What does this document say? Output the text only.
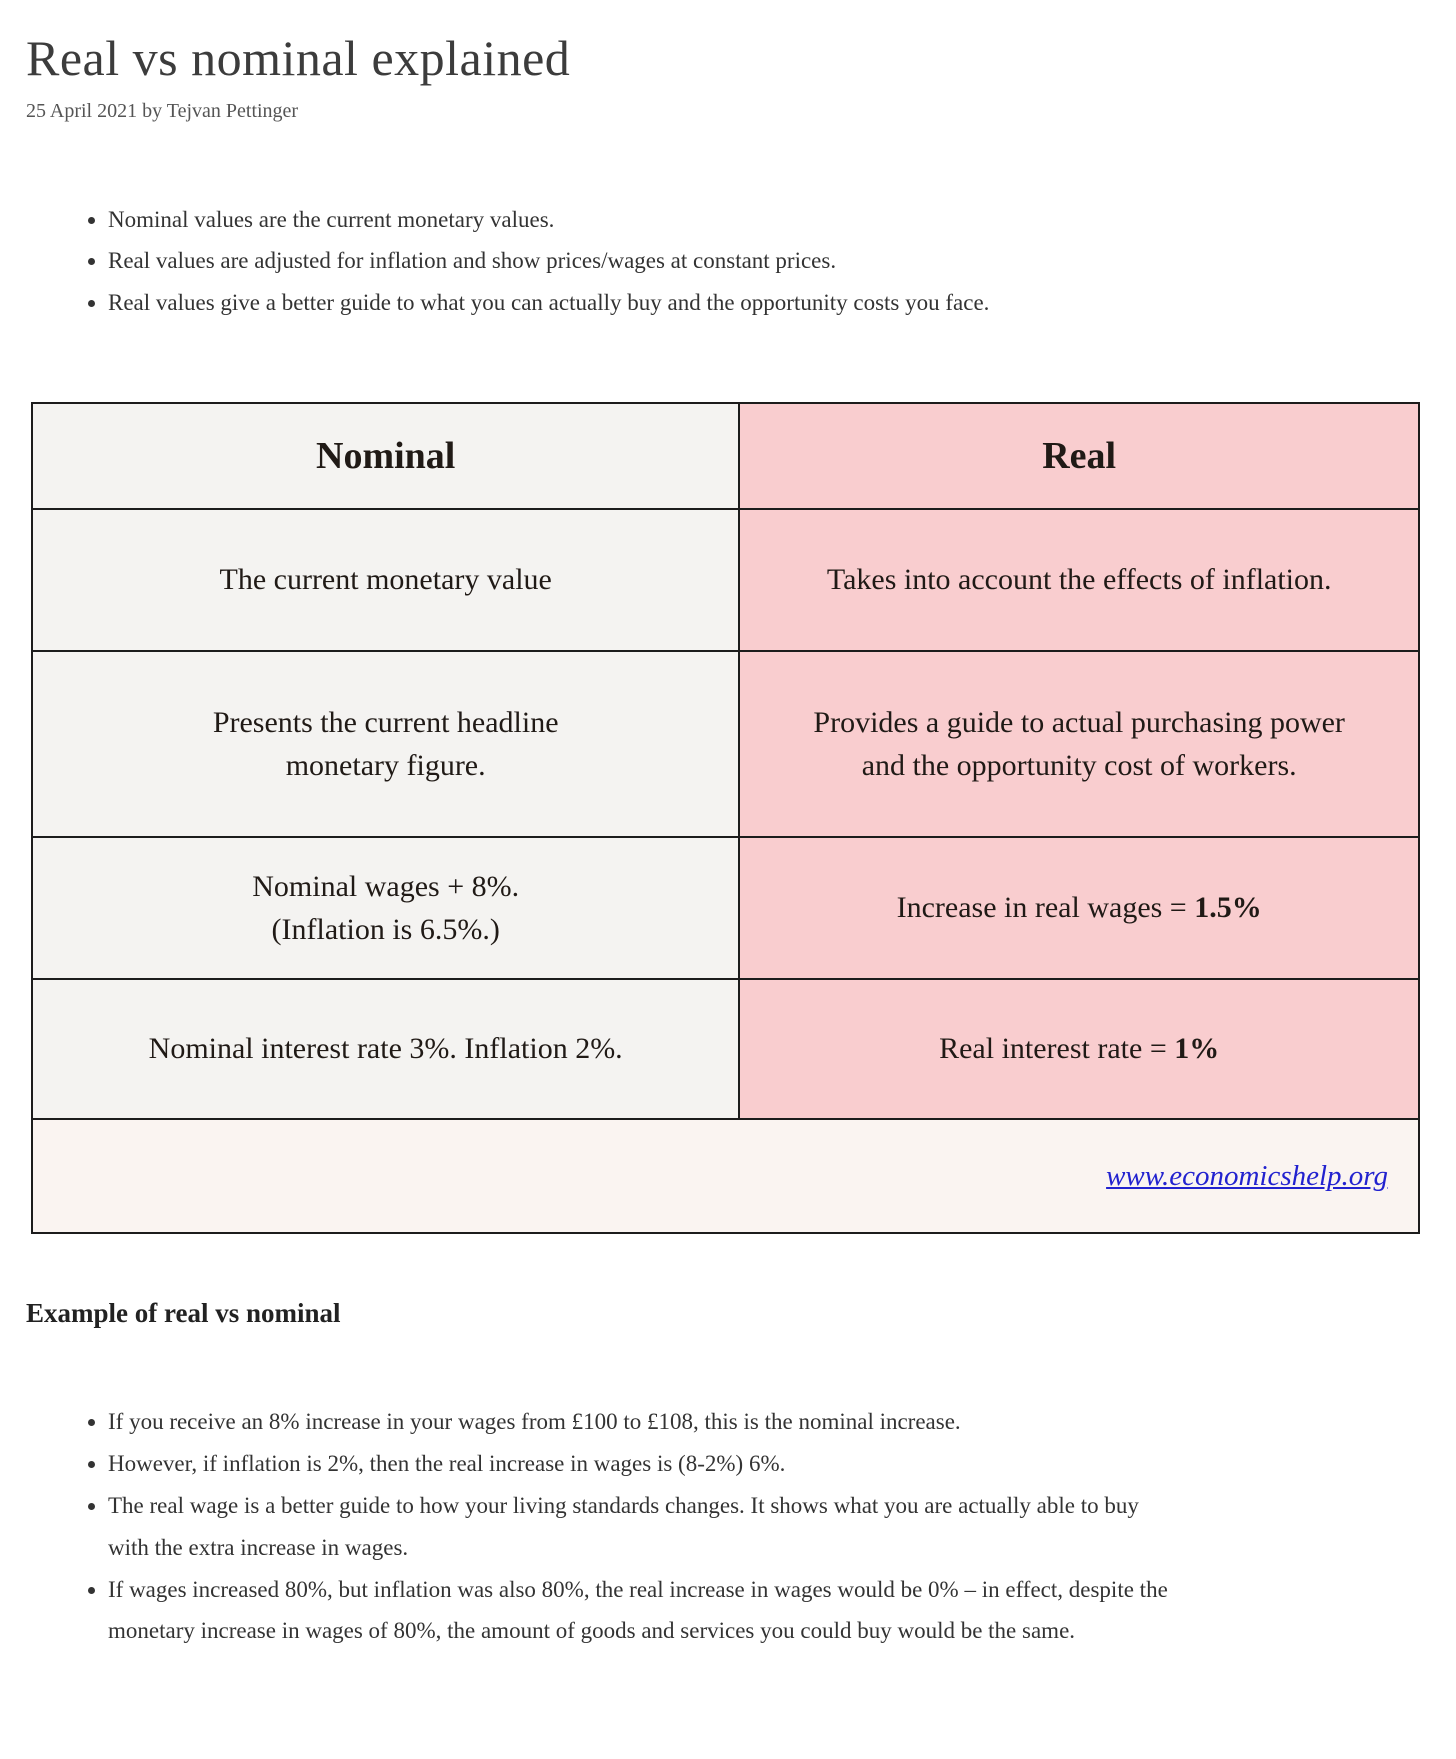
Real vs nominal explained

25 April 2021 by Tejvan Pettinger

• Nominal values are the current monetary values.
• Real values are adjusted for inflation and show prices/wages at constant prices.
• Real values give a better guide to what you can actually buy and the opportunity costs you face.
Nominal	Real
The current monetary value	Takes into account the effects of inflation.
Presents the current headline monetary figure.	Provides a guide to actual purchasing power and the opportunity cost of workers.
Nominal wages + 8%. (Inflation is 6.5%.)	Increase in real wages = 1.5%
Nominal interest rate 3%. Inflation 2%.	Real interest rate = 1%
www.economicshelp.org	
Example of real vs nominal
• If you receive an 8% increase in your wages from £100 to £108, this is the nominal increase.
• However, if inflation is 2%, then the real increase in wages is (8-2%) 6%.
• The real wage is a better guide to how your living standards changes. It shows what you are actually able to buy with the extra increase in wages.
• If wages increased 80%, but inflation was also 80%, the real increase in wages would be 0% – in effect, despite the monetary increase in wages of 80%, the amount of goods and services you could buy would be the same.
